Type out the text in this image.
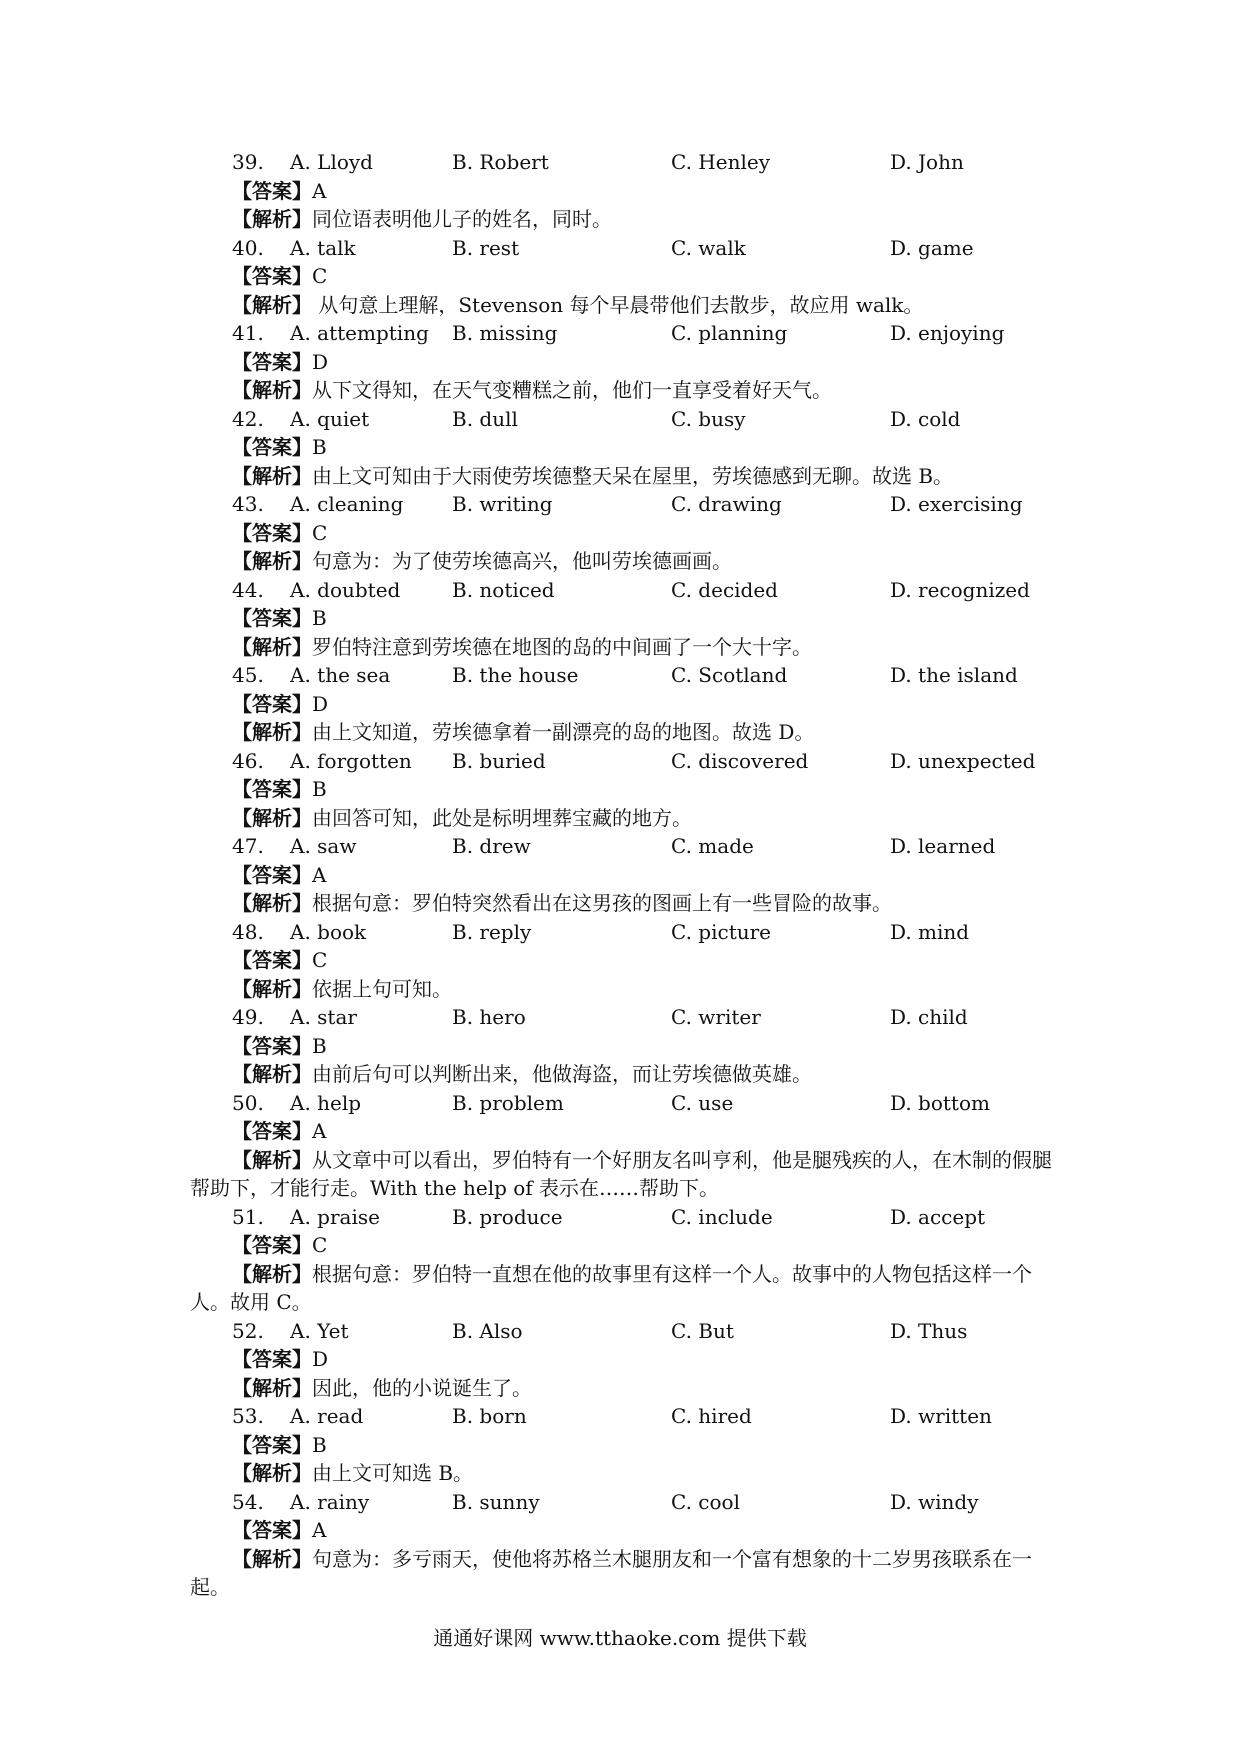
39. A. Lloyd	B. Robert	C. Henley	D. John
【答案】A
【解析】同位语表明他儿子的姓名，同时。
40. A. talk	B. rest	C. walk	D. game
【答案】C
【解析】 从句意上理解，Stevenson 每个早晨带他们去散步，故应用 walk。
41. A. attempting B. missing	C. planning	D. enjoying
【答案】D
【解析】从下文得知，在天气变糟糕之前，他们一直享受着好天气。
42. A. quiet	B. dull	C. busy	D. cold
【答案】B
【解析】由上文可知由于大雨使劳埃德整天呆在屋里，劳埃德感到无聊。故选 B。
43. A. cleaning B. writing	C. drawing	D. exercising
【答案】C
【解析】句意为：为了使劳埃德高兴，他叫劳埃德画画。
44. A. doubted	B. noticed	C. decided	D. recognized
【答案】B
【解析】罗伯特注意到劳埃德在地图的岛的中间画了一个大十字。
45. A. the sea	B. the house	C. Scotland	D. the island
【答案】D
【解析】由上文知道，劳埃德拿着一副漂亮的岛的地图。故选 D。
46. A. forgotten B. buried	C. discovered	D. unexpected
【答案】B
【解析】由回答可知，此处是标明埋葬宝藏的地方。
47. A. saw	B. drew	C. made	D. learned
【答案】A
【解析】根据句意：罗伯特突然看出在这男孩的图画上有一些冒险的故事。
48. A. book	B. reply	C. picture	D. mind
【答案】C
【解析】依据上句可知。
49. A. star	B. hero	C. writer	D. child
【答案】B
【解析】由前后句可以判断出来，他做海盗，而让劳埃德做英雄。
50. A. help	B. problem	C. use	D. bottom
【答案】A
【解析】从文章中可以看出，罗伯特有一个好朋友名叫亨利，他是腿残疾的人，在木制的假腿帮助下，才能行走。With the help of 表示在……帮助下。
51. A. praise	B. produce	C. include	D. accept
【答案】C
【解析】根据句意：罗伯特一直想在他的故事里有这样一个人。故事中的人物包括这样一个人。故用 C。
52. A. Yet	B. Also	C. But	D. Thus
【答案】D
【解析】因此，他的小说诞生了。
53. A. read	B. born	C. hired	D. written
【答案】B
【解析】由上文可知选 B。
54. A. rainy	B. sunny	C. cool	D. windy
【答案】A
【解析】句意为：多亏雨天，使他将苏格兰木腿朋友和一个富有想象的十二岁男孩联系在一起。
通通好课网 www.tthaoke.com 提供下载
